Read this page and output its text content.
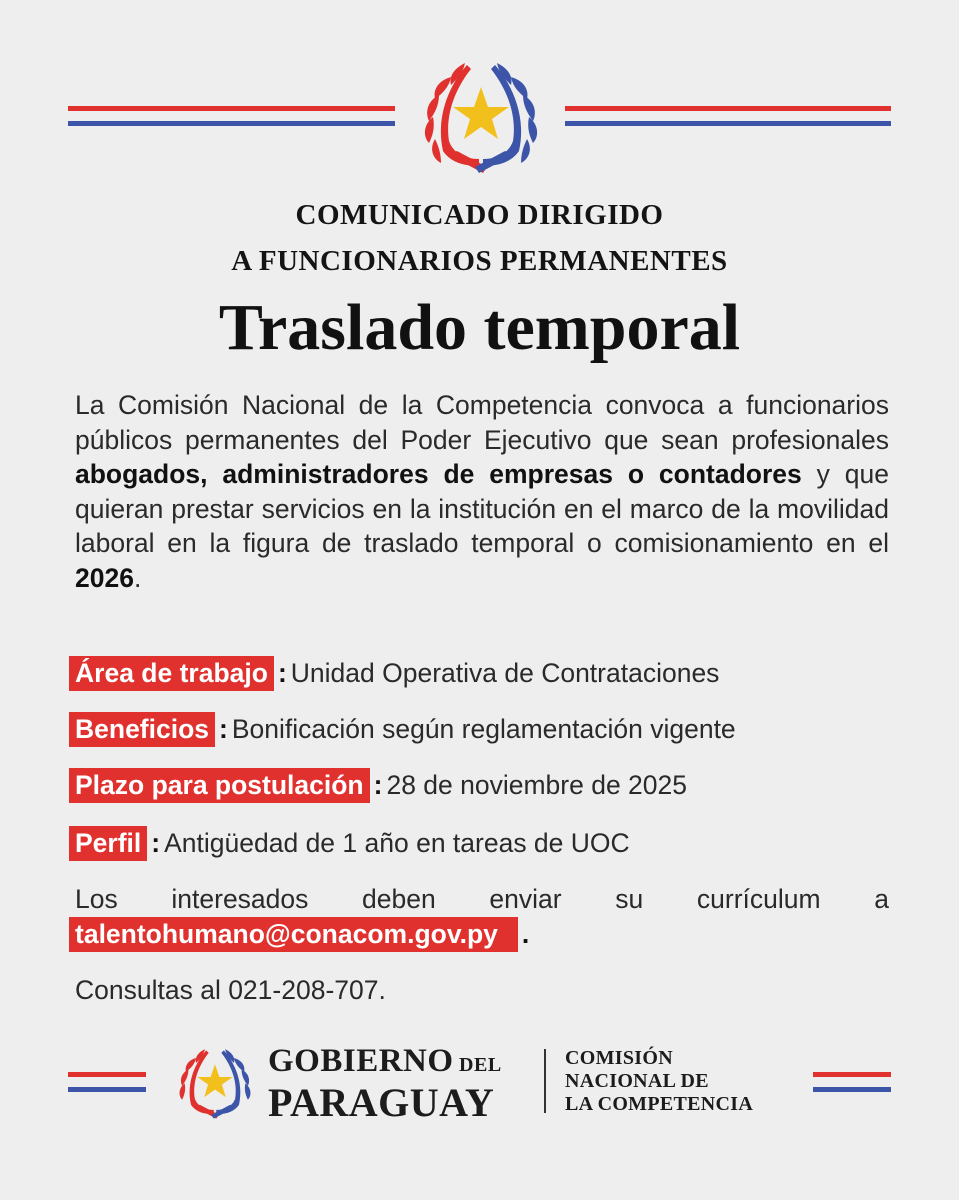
COMUNICADO DIRIGIDO
A FUNCIONARIOS PERMANENTES
Traslado temporal

La Comisión Nacional de la Competencia convoca a funcionarios públicos permanentes del Poder Ejecutivo que sean profesionales abogados, administradores de empresas o contadores y que quieran prestar servicios en la institución en el marco de la movilidad laboral en la figura de traslado temporal o comisionamiento en el 2026.

Área de trabajo : Unidad Operativa de Contrataciones
Beneficios : Bonificación según reglamentación vigente
Plazo para postulación : 28 de noviembre de 2025
Perfil : Antigüedad de 1 año en tareas de UOC
Los interesados deben enviar su currículum a
talentohumano@conacom.gov.py .
Consultas al 021-208-707.
GOBIERNO DEL
PARAGUAY
COMISIÓN
NACIONAL DE
LA COMPETENCIA
